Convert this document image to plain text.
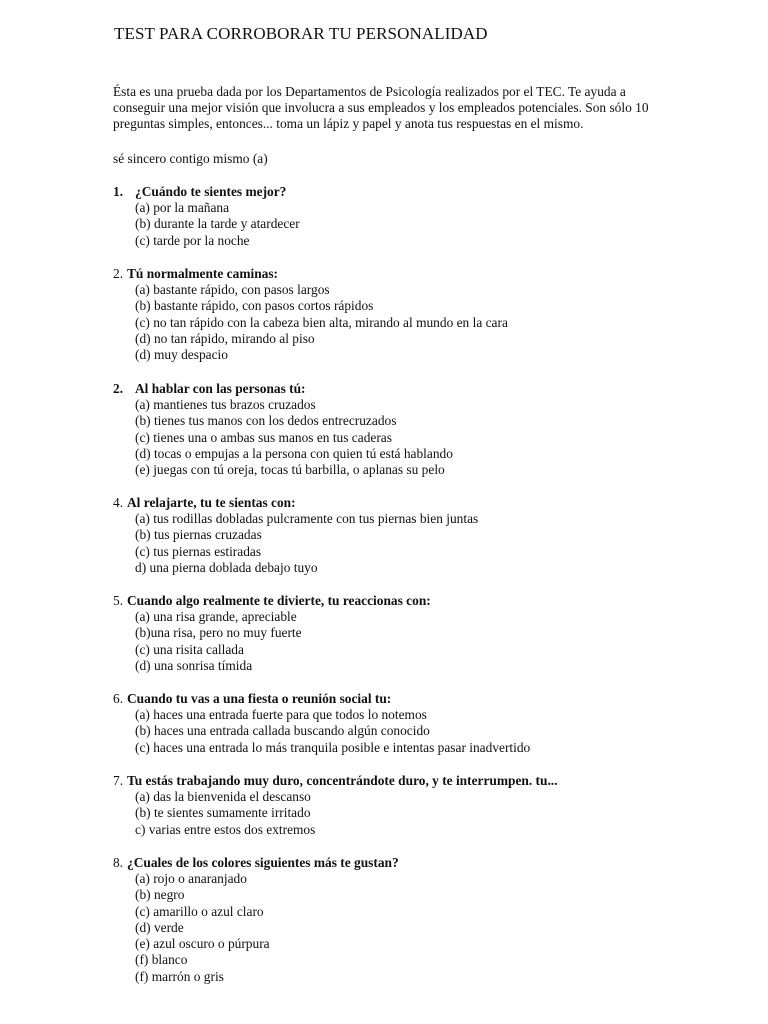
TEST PARA CORROBORAR TU PERSONALIDAD
Ésta es una prueba dada por los Departamentos de Psicología realizados por el TEC. Te ayuda a
conseguir una mejor visión que involucra a sus empleados y los empleados potenciales. Son sólo 10
preguntas simples, entonces... toma un lápiz y papel y anota tus respuestas en el mismo.
sé sincero contigo mismo (a)
1. ¿Cuándo te sientes mejor?
(a) por la mañana
(b) durante la tarde y atardecer
(c) tarde por la noche
2. Tú normalmente caminas:
(a) bastante rápido, con pasos largos
(b) bastante rápido, con pasos cortos rápidos
(c) no tan rápido con la cabeza bien alta, mirando al mundo en la cara
(d) no tan rápido, mirando al piso
(d) muy despacio
2. Al hablar con las personas tú:
(a) mantienes tus brazos cruzados
(b) tienes tus manos con los dedos entrecruzados
(c) tienes una o ambas sus manos en tus caderas
(d) tocas o empujas a la persona con quien tú está hablando
(e) juegas con tú oreja, tocas tú barbilla, o aplanas su pelo
4. Al relajarte, tu te sientas con:
(a) tus rodillas dobladas pulcramente con tus piernas bien juntas
(b) tus piernas cruzadas
(c) tus piernas estiradas
d) una pierna doblada debajo tuyo
5. Cuando algo realmente te divierte, tu reaccionas con:
(a) una risa grande, apreciable
(b)una risa, pero no muy fuerte
(c) una risita callada
(d) una sonrisa tímida
6. Cuando tu vas a una fiesta o reunión social tu:
(a) haces una entrada fuerte para que todos lo notemos
(b) haces una entrada callada buscando algún conocido
(c) haces una entrada lo más tranquila posible e intentas pasar inadvertido
7. Tu estás trabajando muy duro, concentrándote duro, y te interrumpen. tu...
(a) das la bienvenida el descanso
(b) te sientes sumamente irritado
c) varias entre estos dos extremos
8. ¿Cuales de los colores siguientes más te gustan?
(a) rojo o anaranjado
(b) negro
(c) amarillo o azul claro
(d) verde
(e) azul oscuro o púrpura
(f) blanco
(f) marrón o gris
